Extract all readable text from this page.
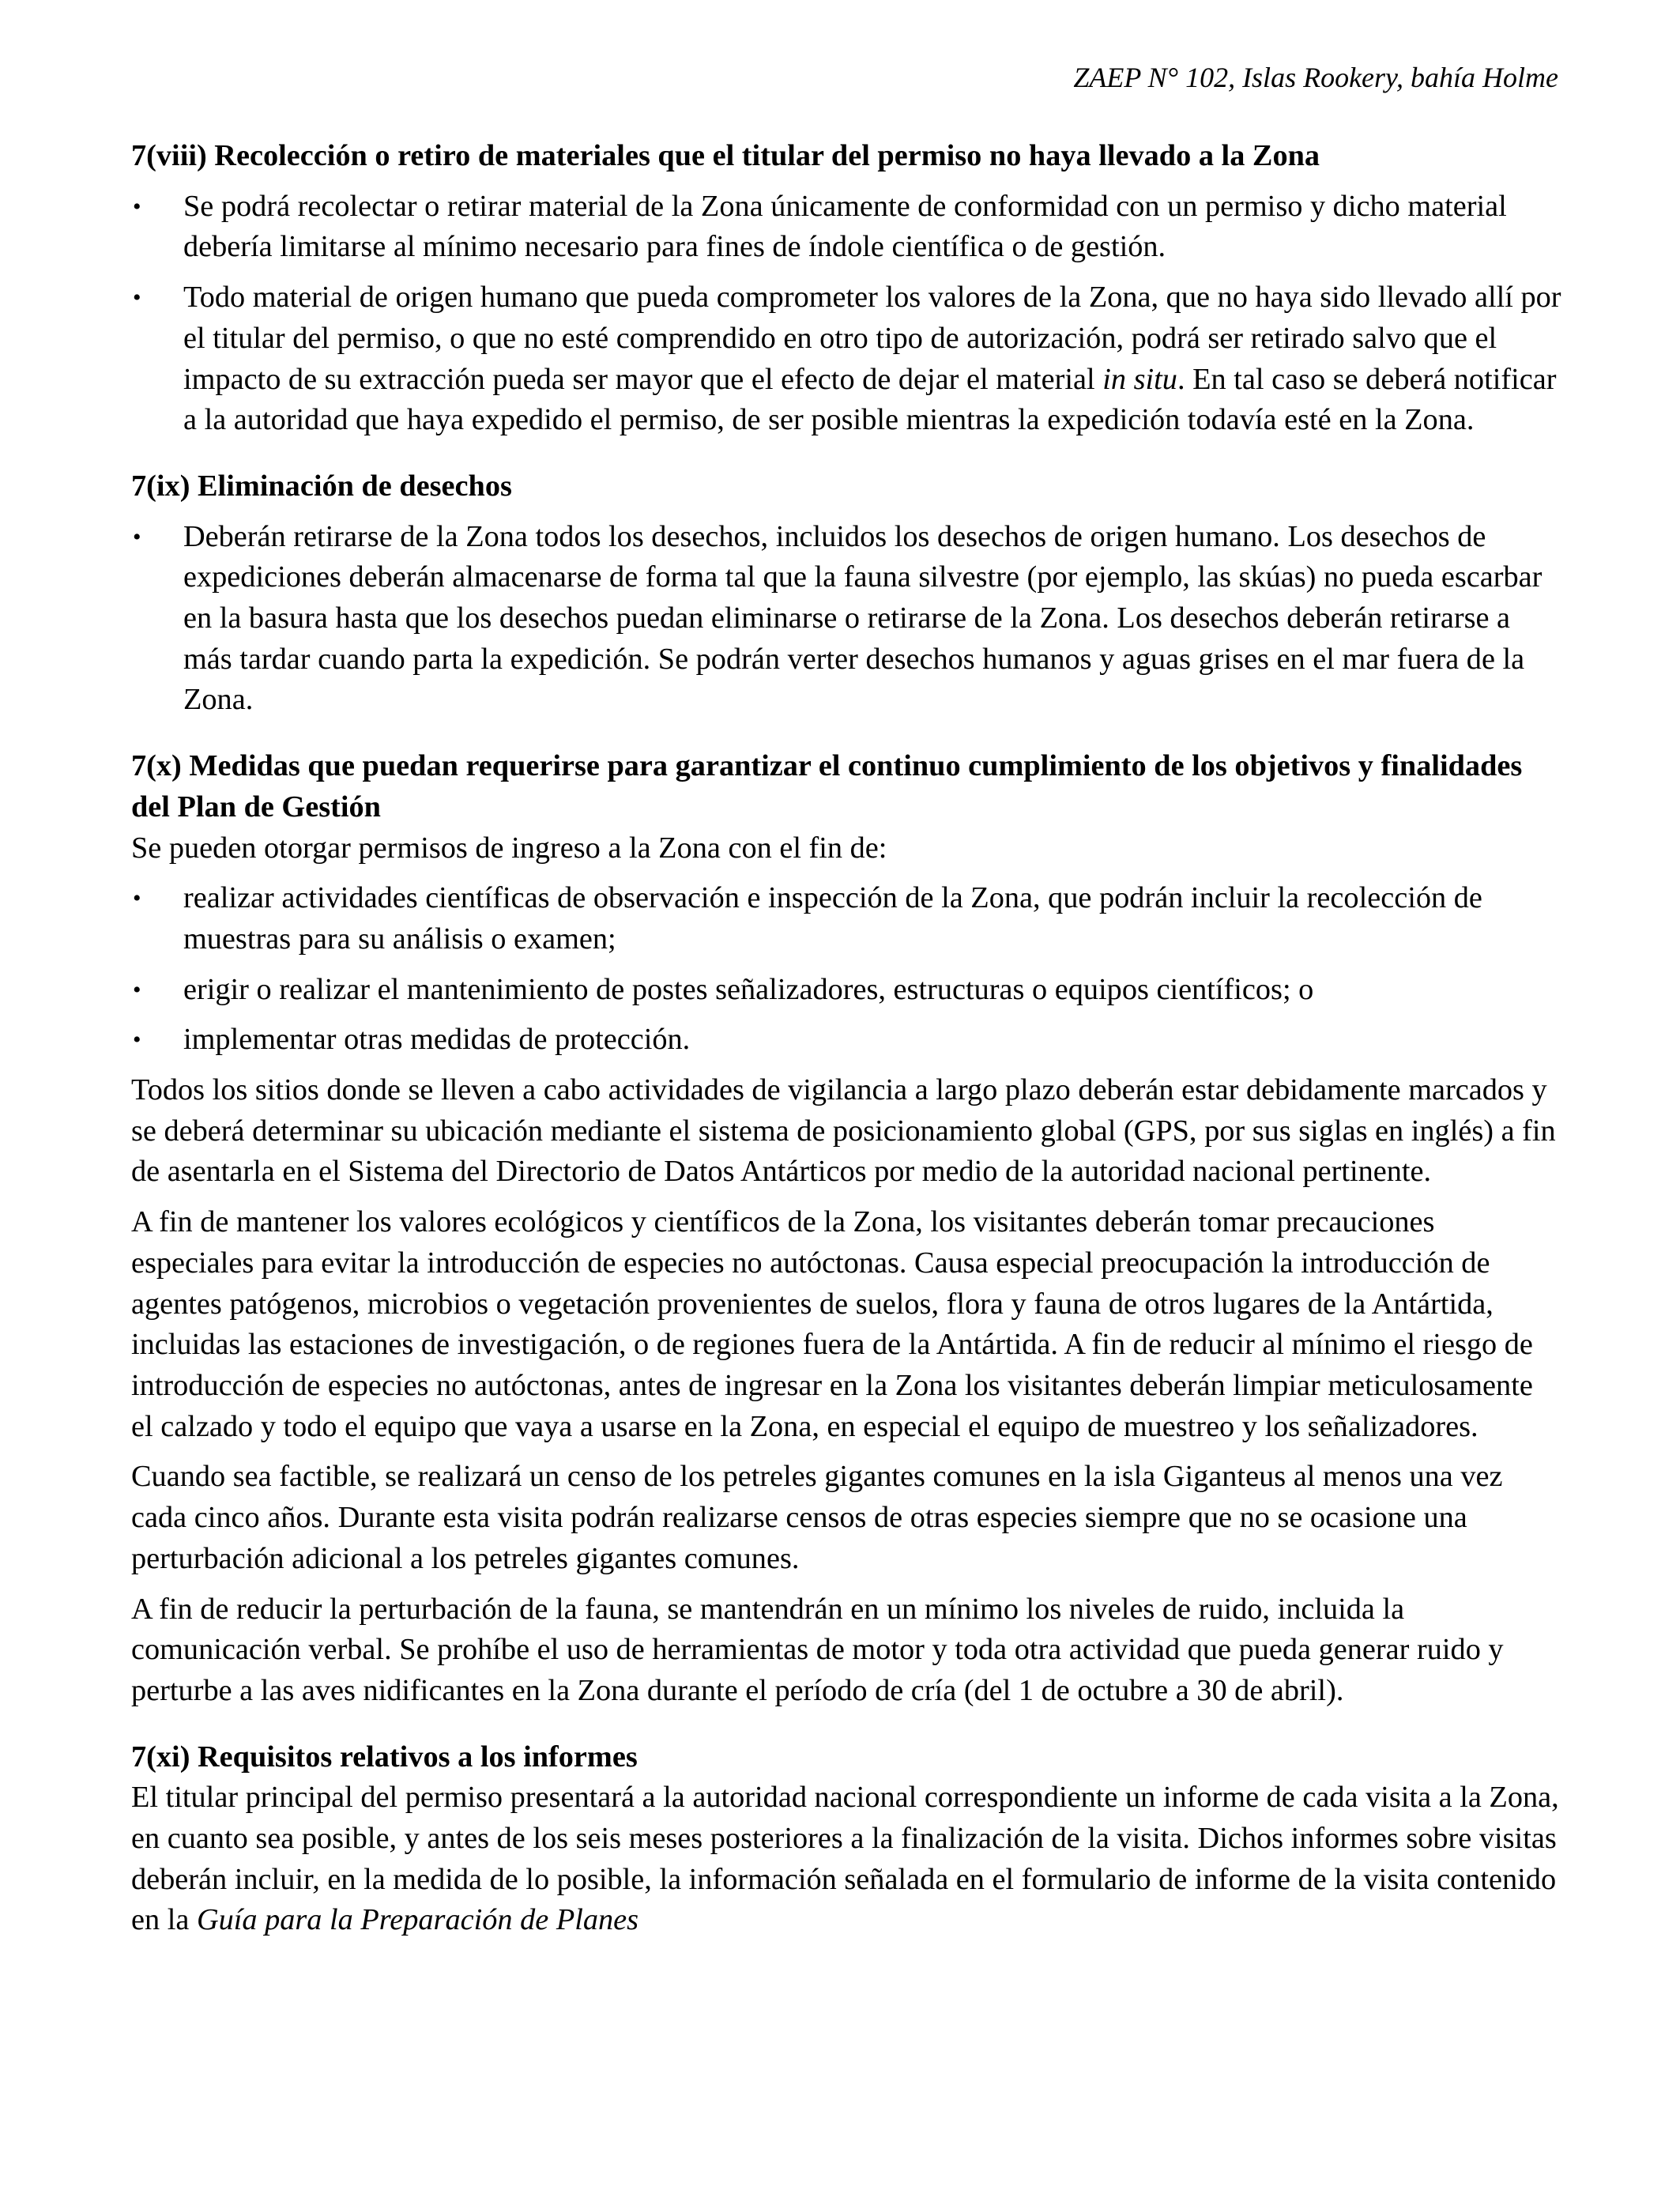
ZAEP N° 102, Islas Rookery, bahía Holme
7(viii) Recolección o retiro de materiales que el titular del permiso no haya llevado a la Zona
• Se podrá recolectar o retirar material de la Zona únicamente de conformidad con un permiso y dicho material debería limitarse al mínimo necesario para fines de índole científica o de gestión.
• Todo material de origen humano que pueda comprometer los valores de la Zona, que no haya sido llevado allí por el titular del permiso, o que no esté comprendido en otro tipo de autorización, podrá ser retirado salvo que el impacto de su extracción pueda ser mayor que el efecto de dejar el material in situ. En tal caso se deberá notificar a la autoridad que haya expedido el permiso, de ser posible mientras la expedición todavía esté en la Zona.
7(ix) Eliminación de desechos
• Deberán retirarse de la Zona todos los desechos, incluidos los desechos de origen humano. Los desechos de expediciones deberán almacenarse de forma tal que la fauna silvestre (por ejemplo, las skúas) no pueda escarbar en la basura hasta que los desechos puedan eliminarse o retirarse de la Zona. Los desechos deberán retirarse a más tardar cuando parta la expedición. Se podrán verter desechos humanos y aguas grises en el mar fuera de la Zona.
7(x) Medidas que puedan requerirse para garantizar el continuo cumplimiento de los objetivos y finalidades del Plan de Gestión

Se pueden otorgar permisos de ingreso a la Zona con el fin de:

• realizar actividades científicas de observación e inspección de la Zona, que podrán incluir la recolección de muestras para su análisis o examen;
• erigir o realizar el mantenimiento de postes señalizadores, estructuras o equipos científicos; o
• implementar otras medidas de protección.

Todos los sitios donde se lleven a cabo actividades de vigilancia a largo plazo deberán estar debidamente marcados y se deberá determinar su ubicación mediante el sistema de posicionamiento global (GPS, por sus siglas en inglés) a fin de asentarla en el Sistema del Directorio de Datos Antárticos por medio de la autoridad nacional pertinente.

A fin de mantener los valores ecológicos y científicos de la Zona, los visitantes deberán tomar precauciones especiales para evitar la introducción de especies no autóctonas. Causa especial preocupación la introducción de agentes patógenos, microbios o vegetación provenientes de suelos, flora y fauna de otros lugares de la Antártida, incluidas las estaciones de investigación, o de regiones fuera de la Antártida. A fin de reducir al mínimo el riesgo de introducción de especies no autóctonas, antes de ingresar en la Zona los visitantes deberán limpiar meticulosamente el calzado y todo el equipo que vaya a usarse en la Zona, en especial el equipo de muestreo y los señalizadores.

Cuando sea factible, se realizará un censo de los petreles gigantes comunes en la isla Giganteus al menos una vez cada cinco años. Durante esta visita podrán realizarse censos de otras especies siempre que no se ocasione una perturbación adicional a los petreles gigantes comunes.

A fin de reducir la perturbación de la fauna, se mantendrán en un mínimo los niveles de ruido, incluida la comunicación verbal. Se prohíbe el uso de herramientas de motor y toda otra actividad que pueda generar ruido y perturbe a las aves nidificantes en la Zona durante el período de cría (del 1 de octubre a 30 de abril).

7(xi) Requisitos relativos a los informes

El titular principal del permiso presentará a la autoridad nacional correspondiente un informe de cada visita a la Zona, en cuanto sea posible, y antes de los seis meses posteriores a la finalización de la visita. Dichos informes sobre visitas deberán incluir, en la medida de lo posible, la información señalada en el formulario de informe de la visita contenido en la Guía para la Preparación de Planes
